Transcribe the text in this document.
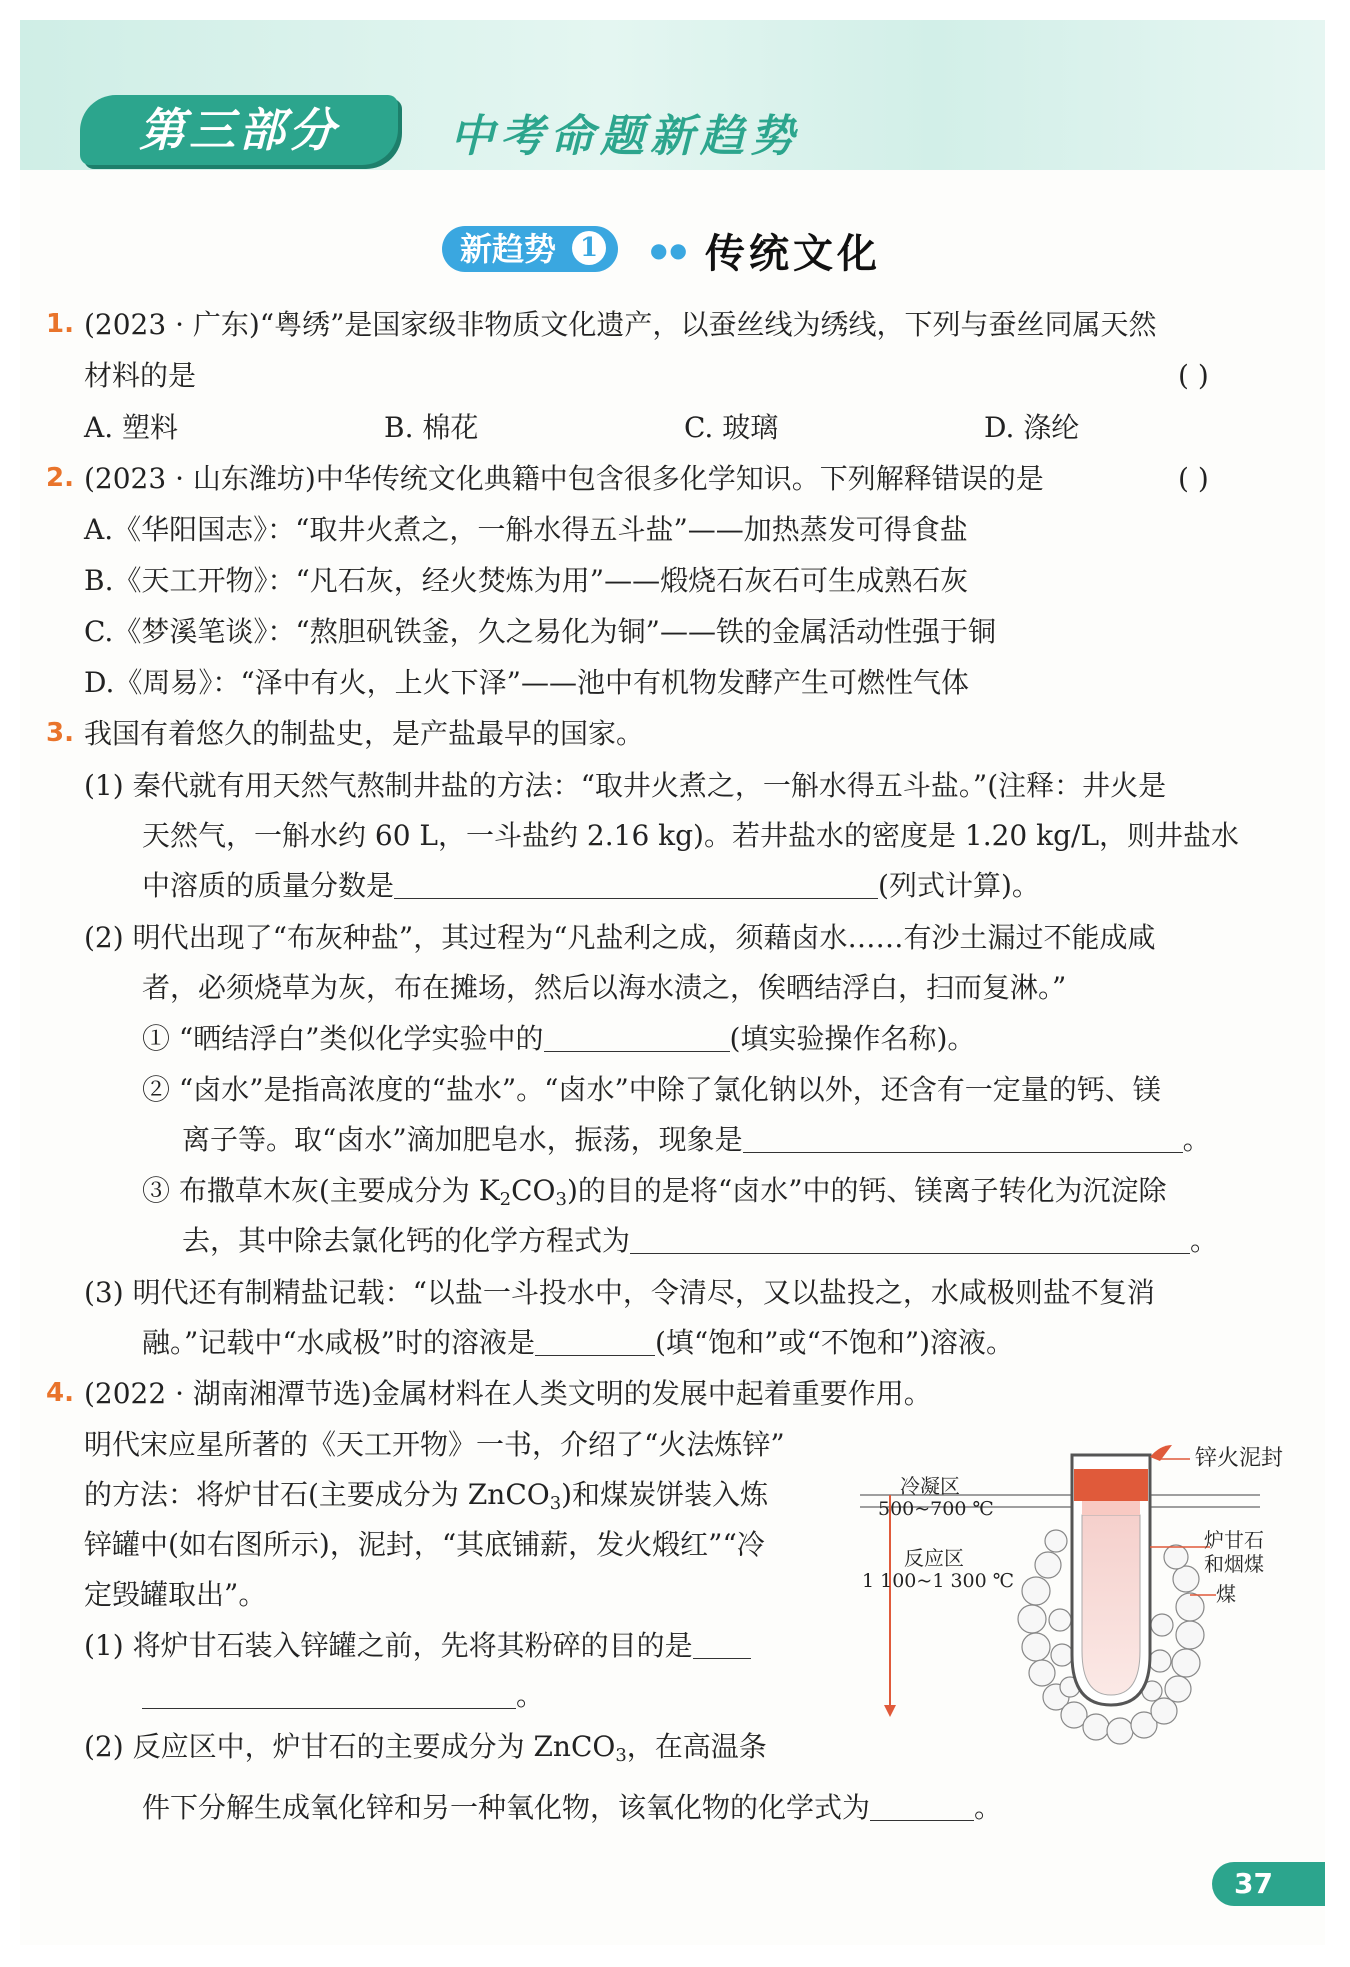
第三部分	中考命题新趋势
新趋势 1	●● 传统文化
1. (2023 · 广东)“粤绣”是国家级非物质文化遗产，以蚕丝线为绣线，下列与蚕丝同属天然
材料的是	( )
A. 塑料	B. 棉花	C. 玻璃	D. 涤纶
2. (2023 · 山东潍坊)中华传统文化典籍中包含很多化学知识。下列解释错误的是	( )
A.《华阳国志》：“取井火煮之，一斛水得五斗盐”——加热蒸发可得食盐
B.《天工开物》：“凡石灰，经火焚炼为用”——煅烧石灰石可生成熟石灰
C.《梦溪笔谈》：“熬胆矾铁釜，久之易化为铜”——铁的金属活动性强于铜
D.《周易》：“泽中有火，上火下泽”——池中有机物发酵产生可燃性气体
3. 我国有着悠久的制盐史，是产盐最早的国家。
(1) 秦代就有用天然气熬制井盐的方法：“取井火煮之，一斛水得五斗盐。”(注释：井火是
天然气，一斛水约 60 L，一斗盐约 2.16 kg)。若井盐水的密度是 1.20 kg/L，则井盐水
中溶质的质量分数是	(列式计算)。
(2) 明代出现了“布灰种盐”，其过程为“凡盐利之成，须藉卤水……有沙土漏过不能成咸
者，必须烧草为灰，布在摊场，然后以海水渍之，俟晒结浮白，扫而复淋。”
① “晒结浮白”类似化学实验中的	(填实验操作名称)。
② “卤水”是指高浓度的“盐水”。“卤水”中除了氯化钠以外，还含有一定量的钙、镁
离子等。取“卤水”滴加肥皂水，振荡，现象是	。
③ 布撒草木灰(主要成分为 $K_2CO_3$)的目的是将“卤水”中的钙、镁离子转化为沉淀除
去，其中除去氯化钙的化学方程式为	。
(3) 明代还有制精盐记载：“以盐一斗投水中，令清尽，又以盐投之，水咸极则盐不复消
融。”记载中“水咸极”时的溶液是	(填“饱和”或“不饱和”)溶液。
4. (2022 · 湖南湘潭节选)金属材料在人类文明的发展中起着重要作用。
明代宋应星所著的《天工开物》一书，介绍了“火法炼锌”
的方法：将炉甘石(主要成分为 ZnCO$_3$)和煤炭饼装入炼
锌罐中(如右图所示)，泥封，“其底铺薪，发火煅红”“冷
定毁罐取出”。
(1) 将炉甘石装入锌罐之前，先将其粉碎的目的是
。
(2) 反应区中，炉甘石的主要成分为 ZnCO$_3$，在高温条
件下分解生成氧化锌和另一种氧化物，该氧化物的化学式为	。
锌火泥封
冷凝区
500~700 ℃
反应区
1 100~1 300 ℃
炉甘石
和烟煤
煤
37
